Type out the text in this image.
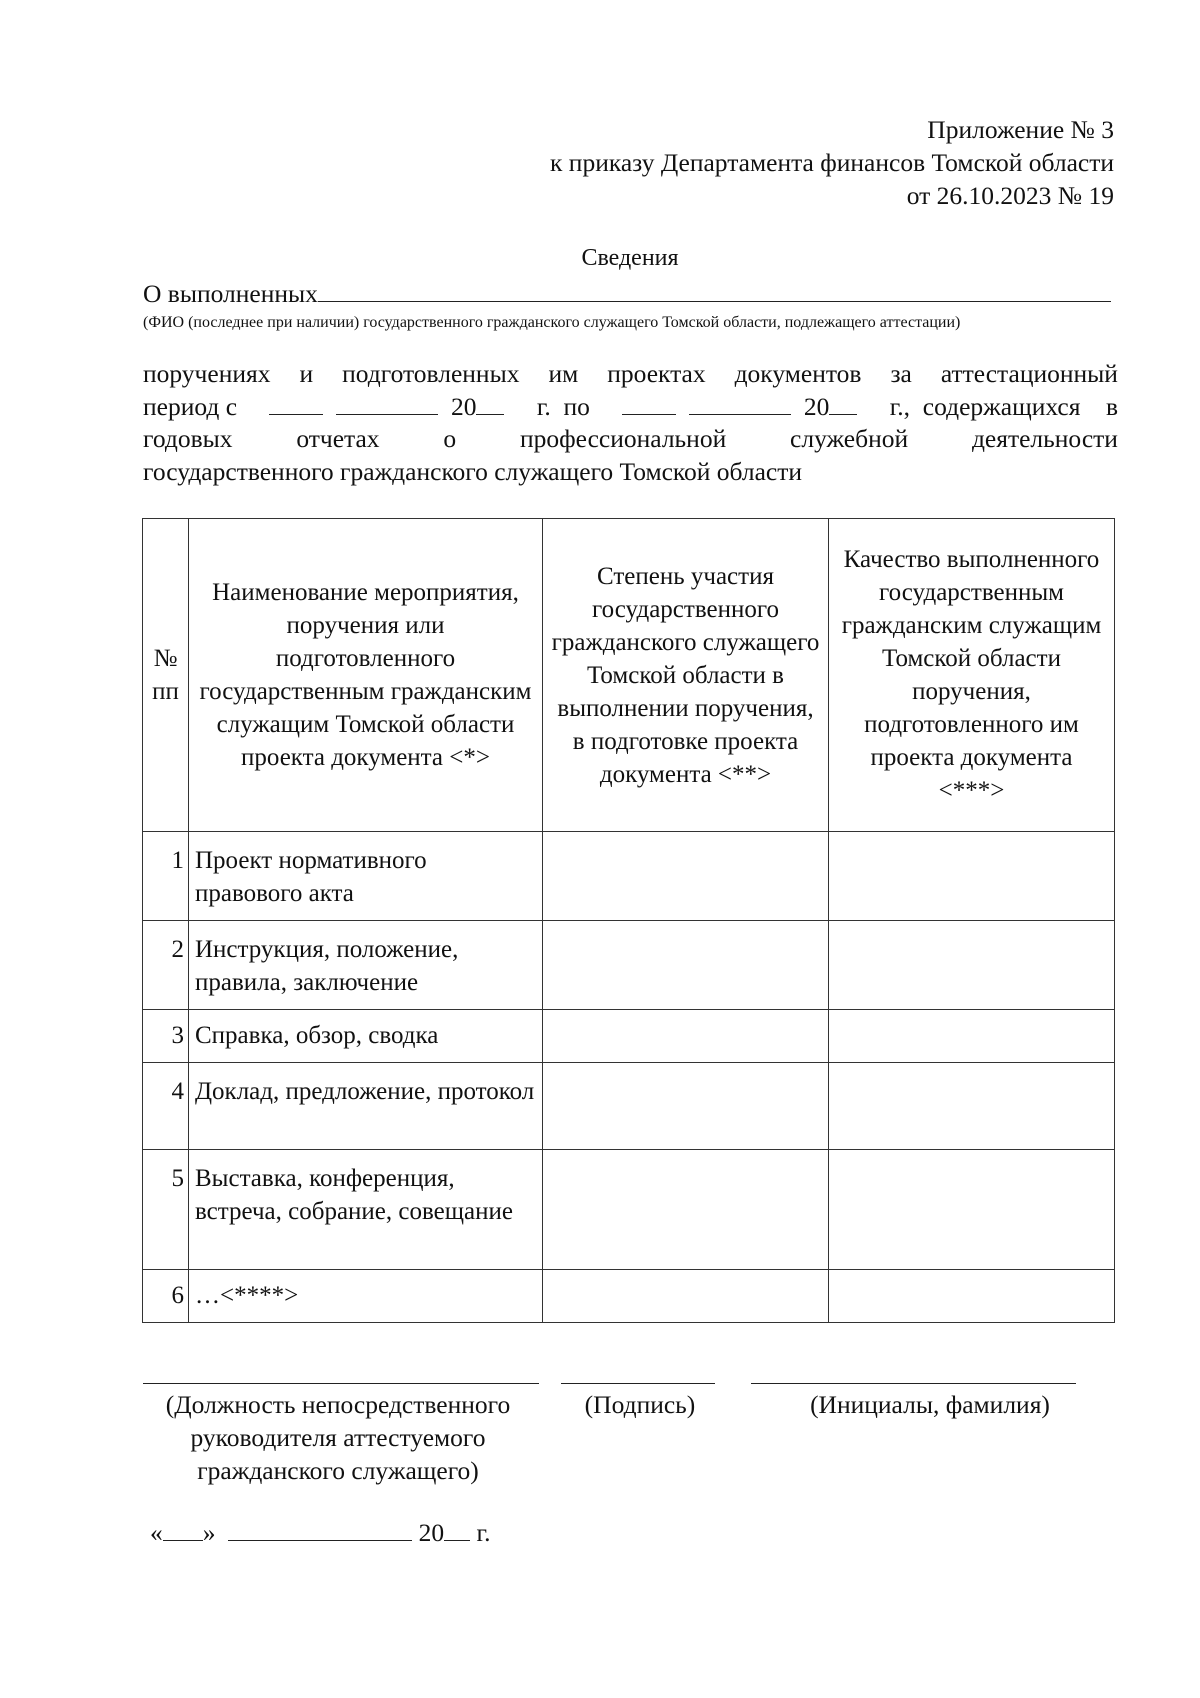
Приложение № 3
к приказу Департамента финансов Томской области
от 26.10.2023 № 19
Сведения
О выполненных
(ФИО (последнее при наличии) государственного гражданского служащего Томской области, подлежащего аттестации)
поручениях и подготовленных им проектах документов за аттестационный
период с	20	г.  по	20	г.,  содержащихся    в
годовых	отчетах	о	профессиональной	служебной	деятельности
государственного гражданского служащего Томской области
№ пп	Наименование мероприятия, поручения или подготовленного государственным гражданским служащим Томской области проекта документа <*>	Степень участия государственного гражданского служащего Томской области в выполнении поручения, в подготовке проекта документа <**>	Качество выполненного государственным гражданским служащим Томской области поручения, подготовленного им проекта документа <***>
1	Проект нормативного правового акта		
2	Инструкция, положение, правила, заключение		
3	Справка, обзор, сводка		
4	Доклад, предложение, протокол		
5	Выставка, конференция, встреча, собрание, совещание		
6	…<****>		
(Должность непосредственного руководителя аттестуемого гражданского служащего)
(Подпись)	(Инициалы, фамилия)
« »	20 г.
